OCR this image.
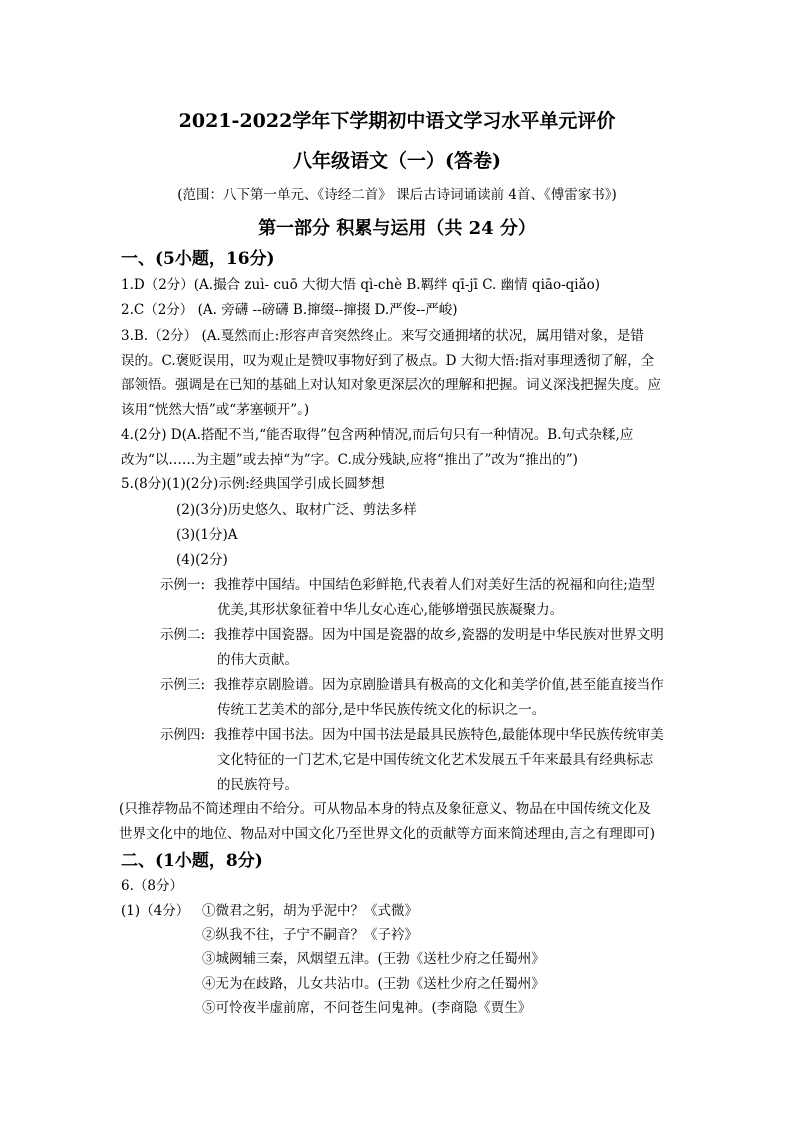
2021-2022学年下学期初中语文学习水平单元评价
八年级语文（一）(答卷)
(范围：八下第一单元、《诗经二首》 课后古诗词诵读前 4首、《傅雷家书》)
第一部分 积累与运用（共 24 分）
一、(5小题，16分)
1.D（2分）(A.撮合 zuì- cuō 大彻大悟 qì-chè B.羁绊 qī-jī C. 幽情 qiāo-qiǎo)
2.C（2分） (A. 旁礴 --磅礴 B.撺缀--撺掇 D.严俊--严峻)
3.B.（2分） (A.戛然而止:形容声音突然终止。来写交通拥堵的状况，属用错对象，是错
误的。C.褒贬误用，叹为观止是赞叹事物好到了极点。D 大彻大悟:指对事理透彻了解，全
部领悟。强调是在已知的基础上对认知对象更深层次的理解和把握。词义深浅把握失度。应
该用“恍然大悟”或“茅塞顿开”。)
4.(2分) D(A.搭配不当,“能否取得”包含两种情况,而后句只有一种情况。B.句式杂糅,应
改为“以……为主题”或去掉“为”字。C.成分残缺,应将“推出了”改为“推出的”)
5.(8分)(1)(2分)示例:经典国学引成长圆梦想
(2)(3分)历史悠久、取材广泛、剪法多样
(3)(1分)A
(4)(2分)
示例一: 我推荐中国结。中国结色彩鲜艳,代表着人们对美好生活的祝福和向往;造型
优美,其形状象征着中华儿女心连心,能够增强民族凝聚力。
示例二: 我推荐中国瓷器。因为中国是瓷器的故乡,瓷器的发明是中华民族对世界文明
的伟大贡献。
示例三: 我推荐京剧脸谱。因为京剧脸谱具有极高的文化和美学价值,甚至能直接当作
传统工艺美术的部分,是中华民族传统文化的标识之一。
示例四: 我推荐中国书法。因为中国书法是最具民族特色,最能体现中华民族传统审美
文化特征的一门艺术,它是中国传统文化艺术发展五千年来最具有经典标志
的民族符号。
(只推荐物品不简述理由不给分。可从物品本身的特点及象征意义、物品在中国传统文化及
世界文化中的地位、物品对中国文化乃至世界文化的贡献等方面来简述理由,言之有理即可)
二、(1小题，8分)
6.（8分）
(1)（4分） ①微君之躬，胡为乎泥中？《式微》
②纵我不往，子宁不嗣音？《子衿》
③城阙辅三秦，风烟望五津。(王勃《送杜少府之任蜀州》
④无为在歧路，儿女共沾巾。(王勃《送杜少府之任蜀州》
⑤可怜夜半虚前席，不问苍生问鬼神。(李商隐《贾生》
